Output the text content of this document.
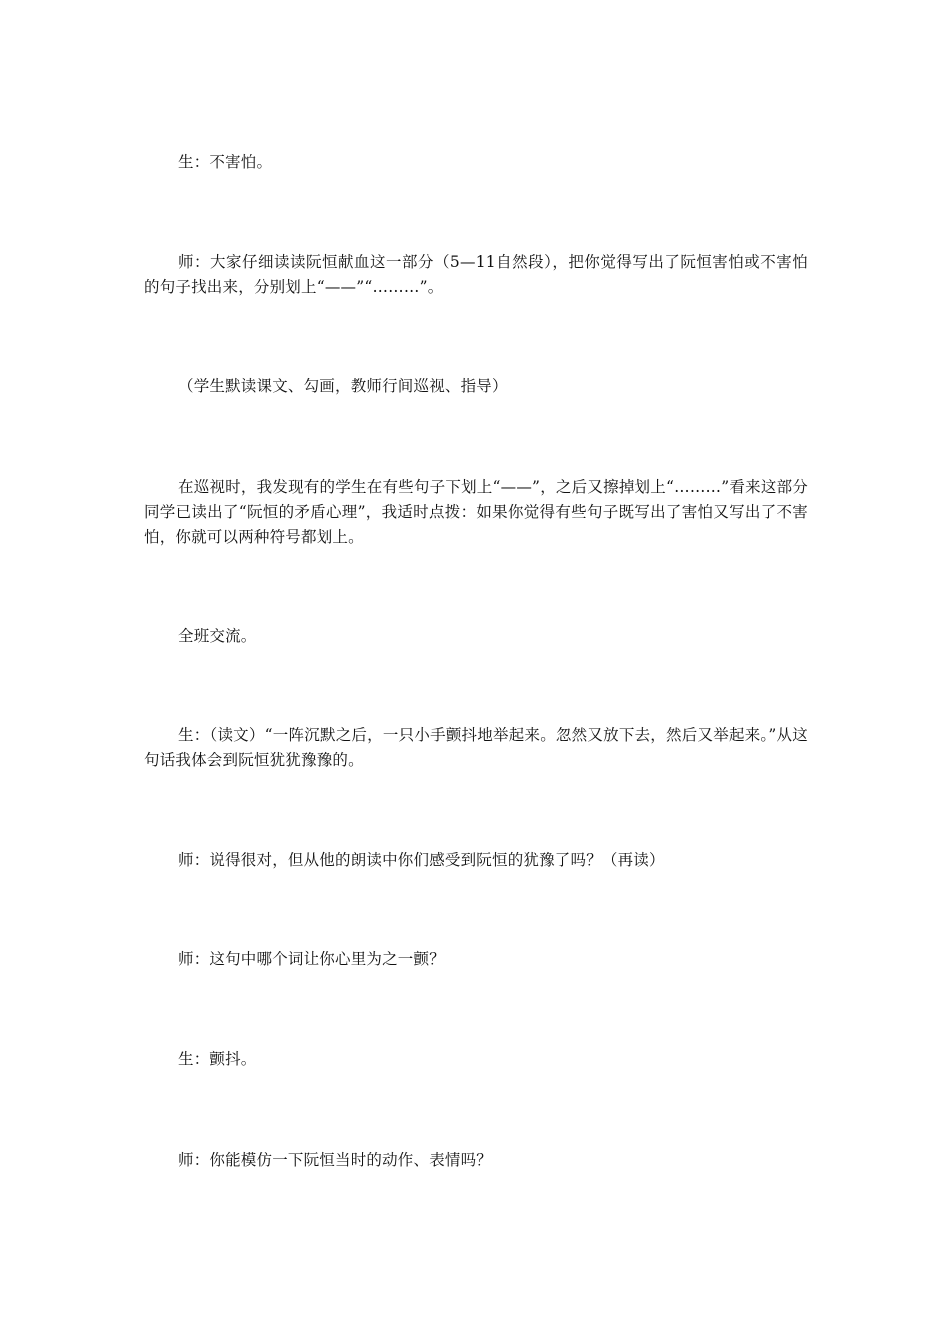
生：不害怕。

师：大家仔细读读阮恒献血这一部分（5—11自然段），把你觉得写出了阮恒害怕或不害怕的句子找出来，分别划上“——”“………”。

（学生默读课文、勾画，教师行间巡视、指导）

在巡视时，我发现有的学生在有些句子下划上“——”，之后又擦掉划上“………”看来这部分同学已读出了“阮恒的矛盾心理”，我适时点拨：如果你觉得有些句子既写出了害怕又写出了不害怕，你就可以两种符号都划上。

全班交流。

生：（读文）“一阵沉默之后，一只小手颤抖地举起来。忽然又放下去，然后又举起来。”从这句话我体会到阮恒犹犹豫豫的。

师：说得很对，但从他的朗读中你们感受到阮恒的犹豫了吗？（再读）

师：这句中哪个词让你心里为之一颤？

生：颤抖。

师：你能模仿一下阮恒当时的动作、表情吗？
